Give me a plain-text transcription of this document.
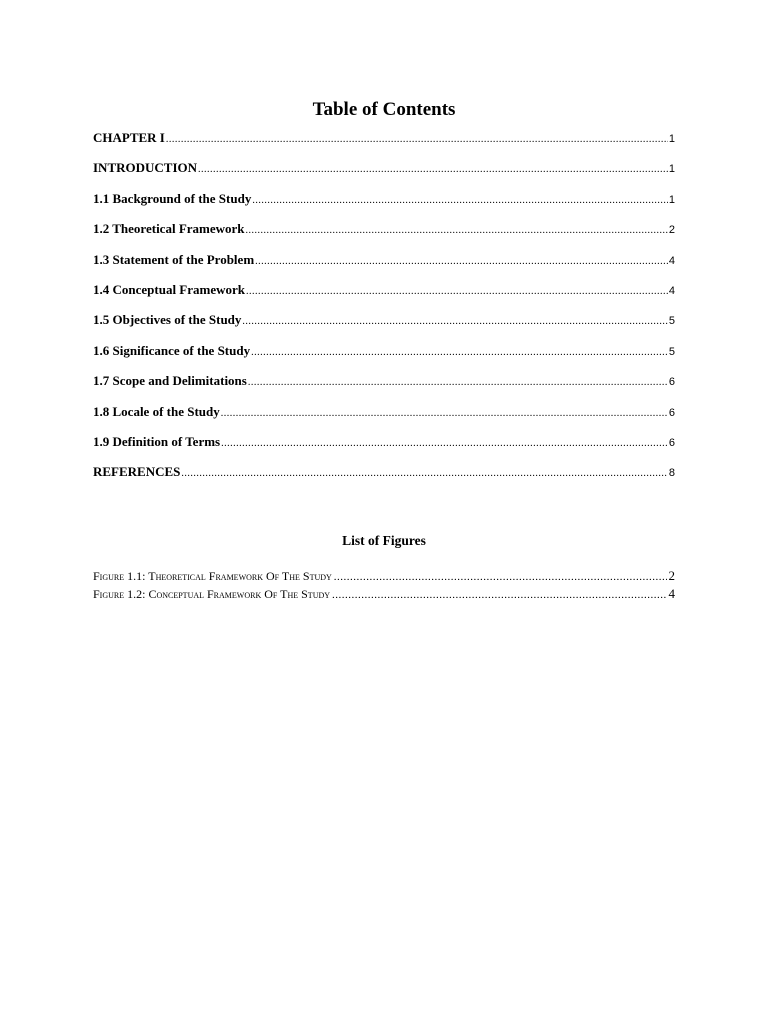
Table of Contents
CHAPTER I .....	1
INTRODUCTION .....	1
1.1 Background of the Study .....	1
1.2 Theoretical Framework .....	2
1.3 Statement of the Problem .....	4
1.4 Conceptual Framework .....	4
1.5 Objectives of the Study .....	5
1.6 Significance of the Study .....	5
1.7 Scope and Delimitations .....	6
1.8 Locale of the Study .....	6
1.9 Definition of Terms .....	6
REFERENCES .....	8
List of Figures
Figure 1.1: Theoretical Framework Of The Study .....	2
Figure 1.2: Conceptual Framework Of The Study .....	4
